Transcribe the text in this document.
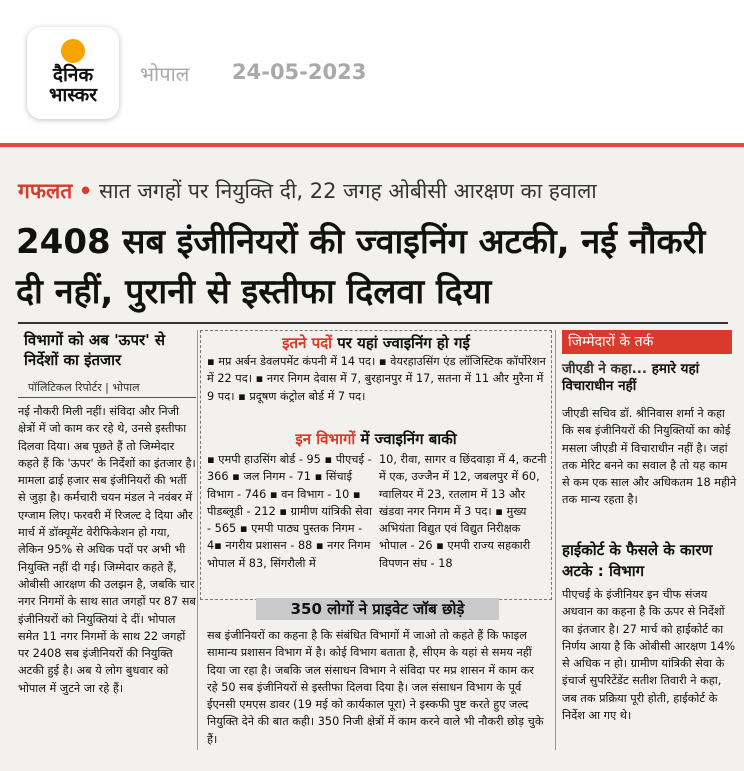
दैनिक
भास्कर
भोपाल 24-05-2023
गफलत • सात जगहों पर नियुक्ति दी, 22 जगह ओबीसी आरक्षण का हवाला
2408 सब इंजीनियरों की ज्वाइनिंग अटकी, नई नौकरी दी नहीं, पुरानी से इस्तीफा दिलवा दिया
विभागों को अब 'ऊपर' से निर्देशों का इंतजार
पॉलिटिकल रिपोर्टर | भोपाल
नई नौकरी मिली नहीं। संविदा और निजी क्षेत्रों में जो काम कर रहे थे, उनसे इस्तीफा दिलवा दिया। अब पूछते हैं तो जिम्मेदार कहते हैं कि 'ऊपर' के निर्देशों का इंतजार है। मामला ढाई हजार सब इंजीनियरों की भर्ती से जुड़ा है। कर्मचारी चयन मंडल ने नवंबर में एग्जाम लिए। फरवरी में रिजल्ट दे दिया और मार्च में डॉक्यूमेंट वेरीफिकेशन हो गया, लेकिन 95% से अधिक पदों पर अभी भी नियुक्ति नहीं दी गई। जिम्मेदार कहते हैं, ओबीसी आरक्षण की उलझन है, जबकि चार नगर निगमों के साथ सात जगहों पर 87 सब इंजीनियरों को नियुक्तियां दे दीं। भोपाल समेत 11 नगर निगमों के साथ 22 जगहों पर 2408 सब इंजीनियरों की नियुक्ति अटकी हुई है। अब ये लोग बुधवार को भोपाल में जुटने जा रहे हैं।
इतने पदों पर यहां ज्वाइनिंग हो गई
▪ मप्र अर्बन डेवलपमेंट कंपनी में 14 पद। ▪ वेयरहाउसिंग एंड लॉजिस्टिक कॉर्पोरेशन में 22 पद। ▪ नगर निगम देवास में 7, बुरहानपुर में 17, सतना में 11 और मुरैना में 9 पद। ▪ प्रदूषण कंट्रोल बोर्ड में 7 पद।
इन विभागों में ज्वाइनिंग बाकी
▪ एमपी हाउसिंग बोर्ड - 95 ▪ पीएचई - 366 ▪ जल निगम - 71 ▪ सिंचाई विभाग - 746 ▪ वन विभाग - 10 ▪ पीडब्लूडी - 212 ▪ ग्रामीण यांत्रिकी सेवा - 565 ▪ एमपी पाठ्य पुस्तक निगम - 4▪ नगरीय प्रशासन - 88 ▪ नगर निगम भोपाल में 83, सिंगरौली में
10, रीवा, सागर व छिंदवाड़ा में 4, कटनी में एक, उज्जैन में 12, जबलपुर में 60, ग्वालियर में 23, रतलाम में 13 और खंडवा नगर निगम में 3 पद। ▪ मुख्य अभियंता विद्युत एवं विद्युत निरीक्षक भोपाल - 26 ▪ एमपी राज्य सहकारी विपणन संघ - 18
350 लोगों ने प्राइवेट जॉब छोड़े
सब इंजीनियरों का कहना है कि संबंधित विभागों में जाओ तो कहते हैं कि फाइल सामान्य प्रशासन विभाग में है। कोई विभाग बताता है, सीएम के यहां से समय नहीं दिया जा रहा है। जबकि जल संसाधन विभाग ने संविदा पर मप्र शासन में काम कर रहे 50 सब इंजीनियरों से इस्तीफा दिलवा दिया है। जल संसाधन विभाग के पूर्व ईएनसी एमएस डावर (19 मई को कार्यकाल पूरा) ने इस्कफी पुष्ट करते हुए जल्द नियुक्ति देने की बात कही। 350 निजी क्षेत्रों में काम करने वाले भी नौकरी छोड़ चुके हैं।
जिम्मेदारों के तर्क
जीएडी ने कहा... हमारे यहां विचाराधीन नहीं
जीएडी सचिव डॉ. श्रीनिवास शर्मा ने कहा कि सब इंजीनियरों की नियुक्तियों का कोई मसला जीएडी में विचाराधीन नहीं है। जहां तक मेरिट बनने का सवाल है तो यह काम से कम एक साल और अधिकतम 18 महीने तक मान्य रहता है।
हाईकोर्ट के फैसले के कारण अटके : विभाग
पीएचई के इंजीनियर इन चीफ संजय अधवान का कहना है कि ऊपर से निर्देशों का इंतजार है। 27 मार्च को हाईकोर्ट का निर्णय आया है कि ओबीसी आरक्षण 14% से अधिक न हो। ग्रामीण यांत्रिकी सेवा के इंचार्ज सुपरिटेंडेंट सतीश तिवारी ने कहा, जब तक प्रक्रिया पूरी होती, हाईकोर्ट के निर्देश आ गए थे।
